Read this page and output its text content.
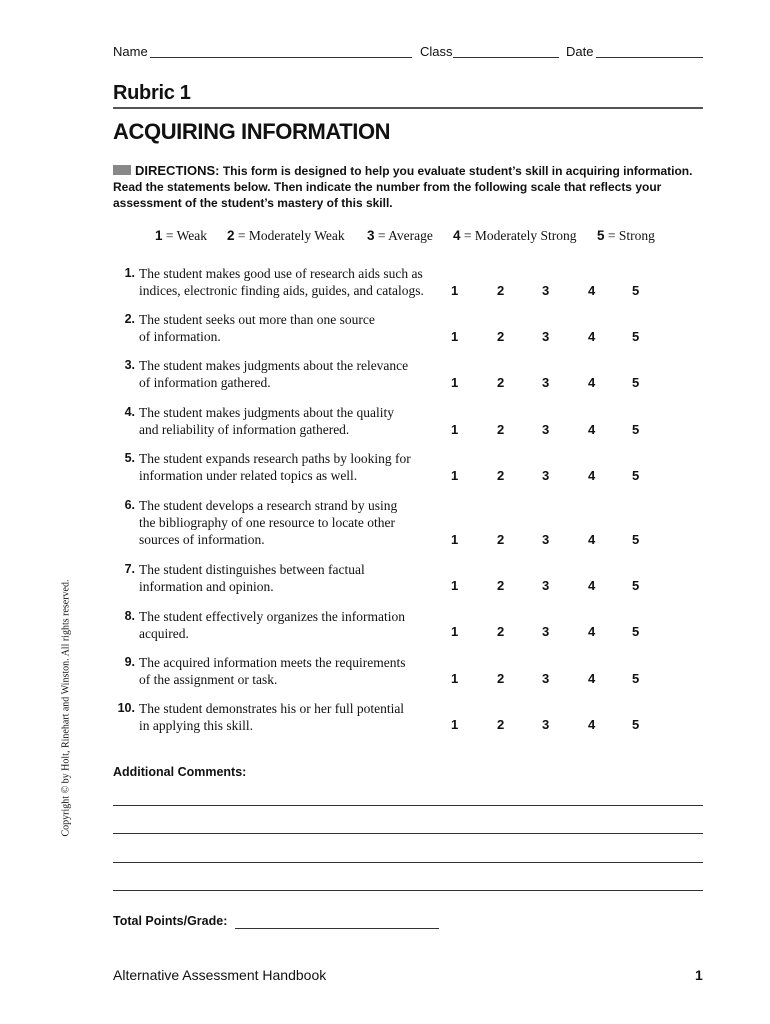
Name	Class	Date
Rubric 1
ACQUIRING INFORMATION
DIRECTIONS: This form is designed to help you evaluate student’s skill in acquiring information. Read the statements below. Then indicate the number from the following scale that reflects your assessment of the student’s mastery of this skill.
1 = Weak 2 = Moderately Weak 3 = Average 4 = Moderately Strong 5 = Strong
1. The student makes good use of research aids such as
indices, electronic finding aids, guides, and catalogs.	1	2	3	4	5
2. The student seeks out more than one source
of information.	1	2	3	4	5
3. The student makes judgments about the relevance
of information gathered.	1	2	3	4	5
4. The student makes judgments about the quality
and reliability of information gathered.	1	2	3	4	5
5. The student expands research paths by looking for
information under related topics as well.	1	2	3	4	5
6. The student develops a research strand by using
the bibliography of one resource to locate other
sources of information.	1	2	3	4	5
7. The student distinguishes between factual
information and opinion.	1	2	3	4	5
8. The student effectively organizes the information
acquired.	1	2	3	4	5
9. The acquired information meets the requirements
of the assignment or task.	1	2	3	4	5
10. The student demonstrates his or her full potential
in applying this skill.	1	2	3	4	5
Additional Comments:
Total Points/Grade:
Alternative Assessment Handbook	1
Copyright © by Holt, Rinehart and Winston. All rights reserved.
